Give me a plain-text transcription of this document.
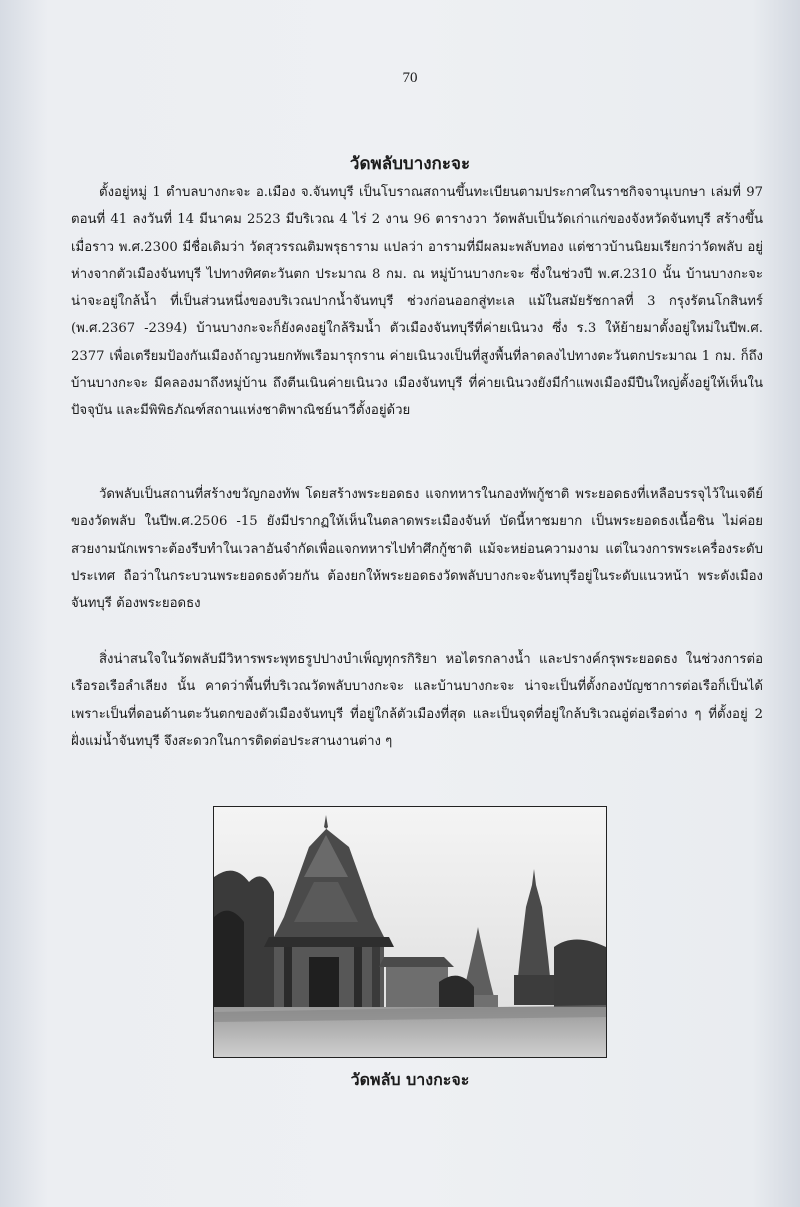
70
วัดพลับบางกะจะ

ตั้งอยู่หมู่ 1 ตำบลบางกะจะ อ.เมือง จ.จันทบุรี เป็นโบราณสถานขึ้นทะเบียนตามประกาศในราชกิจจานุเบกษา เล่มที่ 97 ตอนที่ 41 ลงวันที่ 14 มีนาคม 2523 มีบริเวณ 4 ไร่ 2 งาน 96 ตารางวา วัดพลับเป็นวัดเก่าแก่ของจังหวัดจันทบุรี สร้างขึ้นเมื่อราว พ.ศ.2300 มีชื่อเดิมว่า วัดสุวรรณติมพรุธาราม แปลว่า อารามที่มีผลมะพลับทอง แต่ชาวบ้านนิยมเรียกว่าวัดพลับ อยู่ห่างจากตัวเมืองจันทบุรี ไปทางทิศตะวันตก ประมาณ 8 กม. ณ หมู่บ้านบางกะจะ ซึ่งในช่วงปี พ.ศ.2310 นั้น บ้านบางกะจะน่าจะอยู่ใกล้น้ำ ที่เป็นส่วนหนึ่งของบริเวณปากน้ำจันทบุรี ช่วงก่อนออกสู่ทะเล แม้ในสมัยรัชกาลที่ 3 กรุงรัตนโกสินทร์ (พ.ศ.2367 -2394) บ้านบางกะจะก็ยังคงอยู่ใกล้ริมน้ำ ตัวเมืองจันทบุรีที่ค่ายเนินวง ซึ่ง ร.3 ให้ย้ายมาตั้งอยู่ใหม่ในปีพ.ศ. 2377 เพื่อเตรียมป้องกันเมืองถ้าญวนยกทัพเรือมารุกราน ค่ายเนินวงเป็นที่สูงพื้นที่ลาดลงไปทางตะวันตกประมาณ 1 กม. ก็ถึงบ้านบางกะจะ มีคลองมาถึงหมู่บ้าน ถึงตีนเนินค่ายเนินวง เมืองจันทบุรี ที่ค่ายเนินวงยังมีกำแพงเมืองมีปืนใหญ่ตั้งอยู่ให้เห็นในปัจจุบัน และมีพิพิธภัณฑ์สถานแห่งชาติพาณิชย์นาวีตั้งอยู่ด้วย

วัดพลับเป็นสถานที่สร้างขวัญกองทัพ โดยสร้างพระยอดธง แจกทหารในกองทัพกู้ชาติ พระยอดธงที่เหลือบรรจุไว้ในเจดีย์ของวัดพลับ ในปีพ.ศ.2506 -15 ยังมีปรากฏให้เห็นในตลาดพระเมืองจันท์ บัดนี้หาชมยาก เป็นพระยอดธงเนื้อชิน ไม่ค่อยสวยงามนักเพราะต้องรีบทำในเวลาอันจำกัดเพื่อแจกทหารไปทำศึกกู้ชาติ แม้จะหย่อนความงาม แต่ในวงการพระเครื่องระดับประเทศ ถือว่าในกระบวนพระยอดธงด้วยกัน ต้องยกให้พระยอดธงวัดพลับบางกะจะจันทบุรีอยู่ในระดับแนวหน้า พระดังเมืองจันทบุรี ต้องพระยอดธง

สิ่งน่าสนใจในวัดพลับมีวิหารพระพุทธรูปปางบำเพ็ญทุกรกิริยา หอไตรกลางน้ำ และปรางค์กรุพระยอดธง ในช่วงการต่อเรือรอเรือลำเลียง นั้น คาดว่าพื้นที่บริเวณวัดพลับบางกะจะ และบ้านบางกะจะ น่าจะเป็นที่ตั้งกองบัญชาการต่อเรือก็เป็นได้ เพราะเป็นที่ดอนด้านตะวันตกของตัวเมืองจันทบุรี ที่อยู่ใกล้ตัวเมืองที่สุด และเป็นจุดที่อยู่ใกล้บริเวณอู่ต่อเรือต่าง ๆ ที่ตั้งอยู่ 2 ฝั่งแม่น้ำจันทบุรี จึงสะดวกในการติดต่อประสานงานต่าง ๆ

วัดพลับ บางกะจะ
